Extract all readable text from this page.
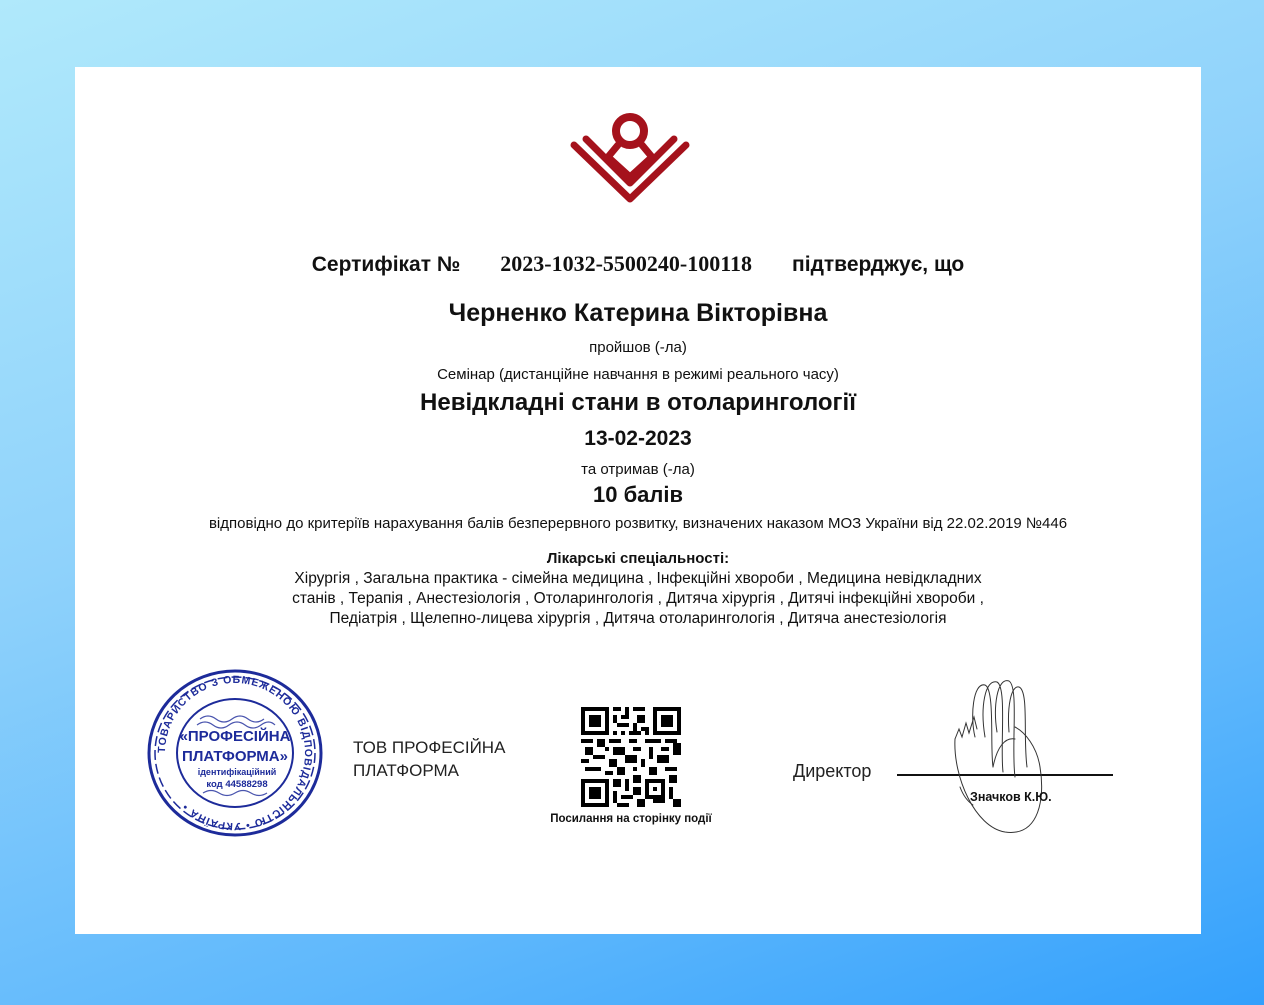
Сертифікат № 2023-1032-5500240-100118 підтверджує, що
Черненко Катерина Вікторівна
пройшов (-ла)
Семінар (дистанційне навчання в режимі реального часу)
Невідкладні стани в отоларингології
13-02-2023
та отримав (-ла)
10 балів
відповідно до критеріїв нарахування балів безперервного розвитку, визначених наказом МОЗ України від 22.02.2019 №446
Лікарські спеціальності:
Хірургія , Загальна практика - сімейна медицина , Інфекційні хвороби , Медицина невідкладних станів , Терапія , Анестезіологія , Отоларингологія , Дитяча хірургія , Дитячі інфекційні хвороби , Педіатрія , Щелепно-лицева хірургія , Дитяча отоларингологія , Дитяча анестезіологія
ТОВАРИСТВО З ОБМЕЖЕНОЮ ВІДПОВІДАЛЬНІСТЮ • УКРАЇНА •
«ПРОФЕСІЙНА
ПЛАТФОРМА»
ідентифікаційний
код 44588298
ТОВ ПРОФЕСІЙНА
ПЛАТФОРМА
Посилання на сторінку події
Директор
Значков К.Ю.
